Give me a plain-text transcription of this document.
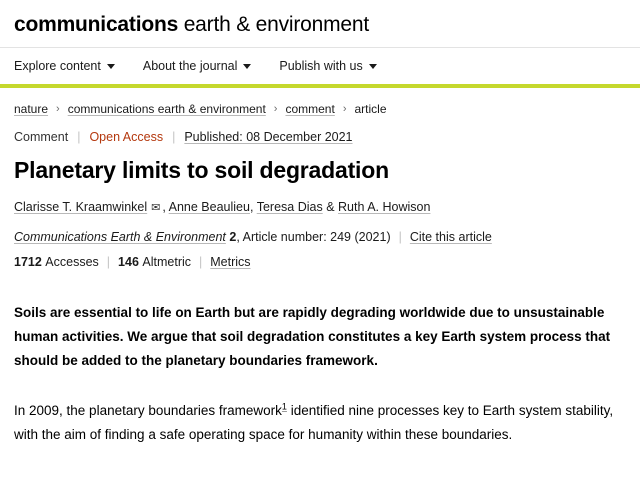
communications earth & environment
Explore content	About the journal	Publish with us
nature › communications earth & environment › comment › article
Comment | Open Access | Published: 08 December 2021
Planetary limits to soil degradation
Clarisse T. Kraamwinkel ✉ , Anne Beaulieu, Teresa Dias & Ruth A. Howison
Communications Earth & Environment 2, Article number: 249 (2021) | Cite this article
1712 Accesses | 146 Altmetric | Metrics

Soils are essential to life on Earth but are rapidly degrading worldwide due to unsustainable human activities. We argue that soil degradation constitutes a key Earth system process that should be added to the planetary boundaries framework.

In 2009, the planetary boundaries framework$^1$ identified nine processes key to Earth system stability, with the aim of finding a safe operating space for humanity within these boundaries.
